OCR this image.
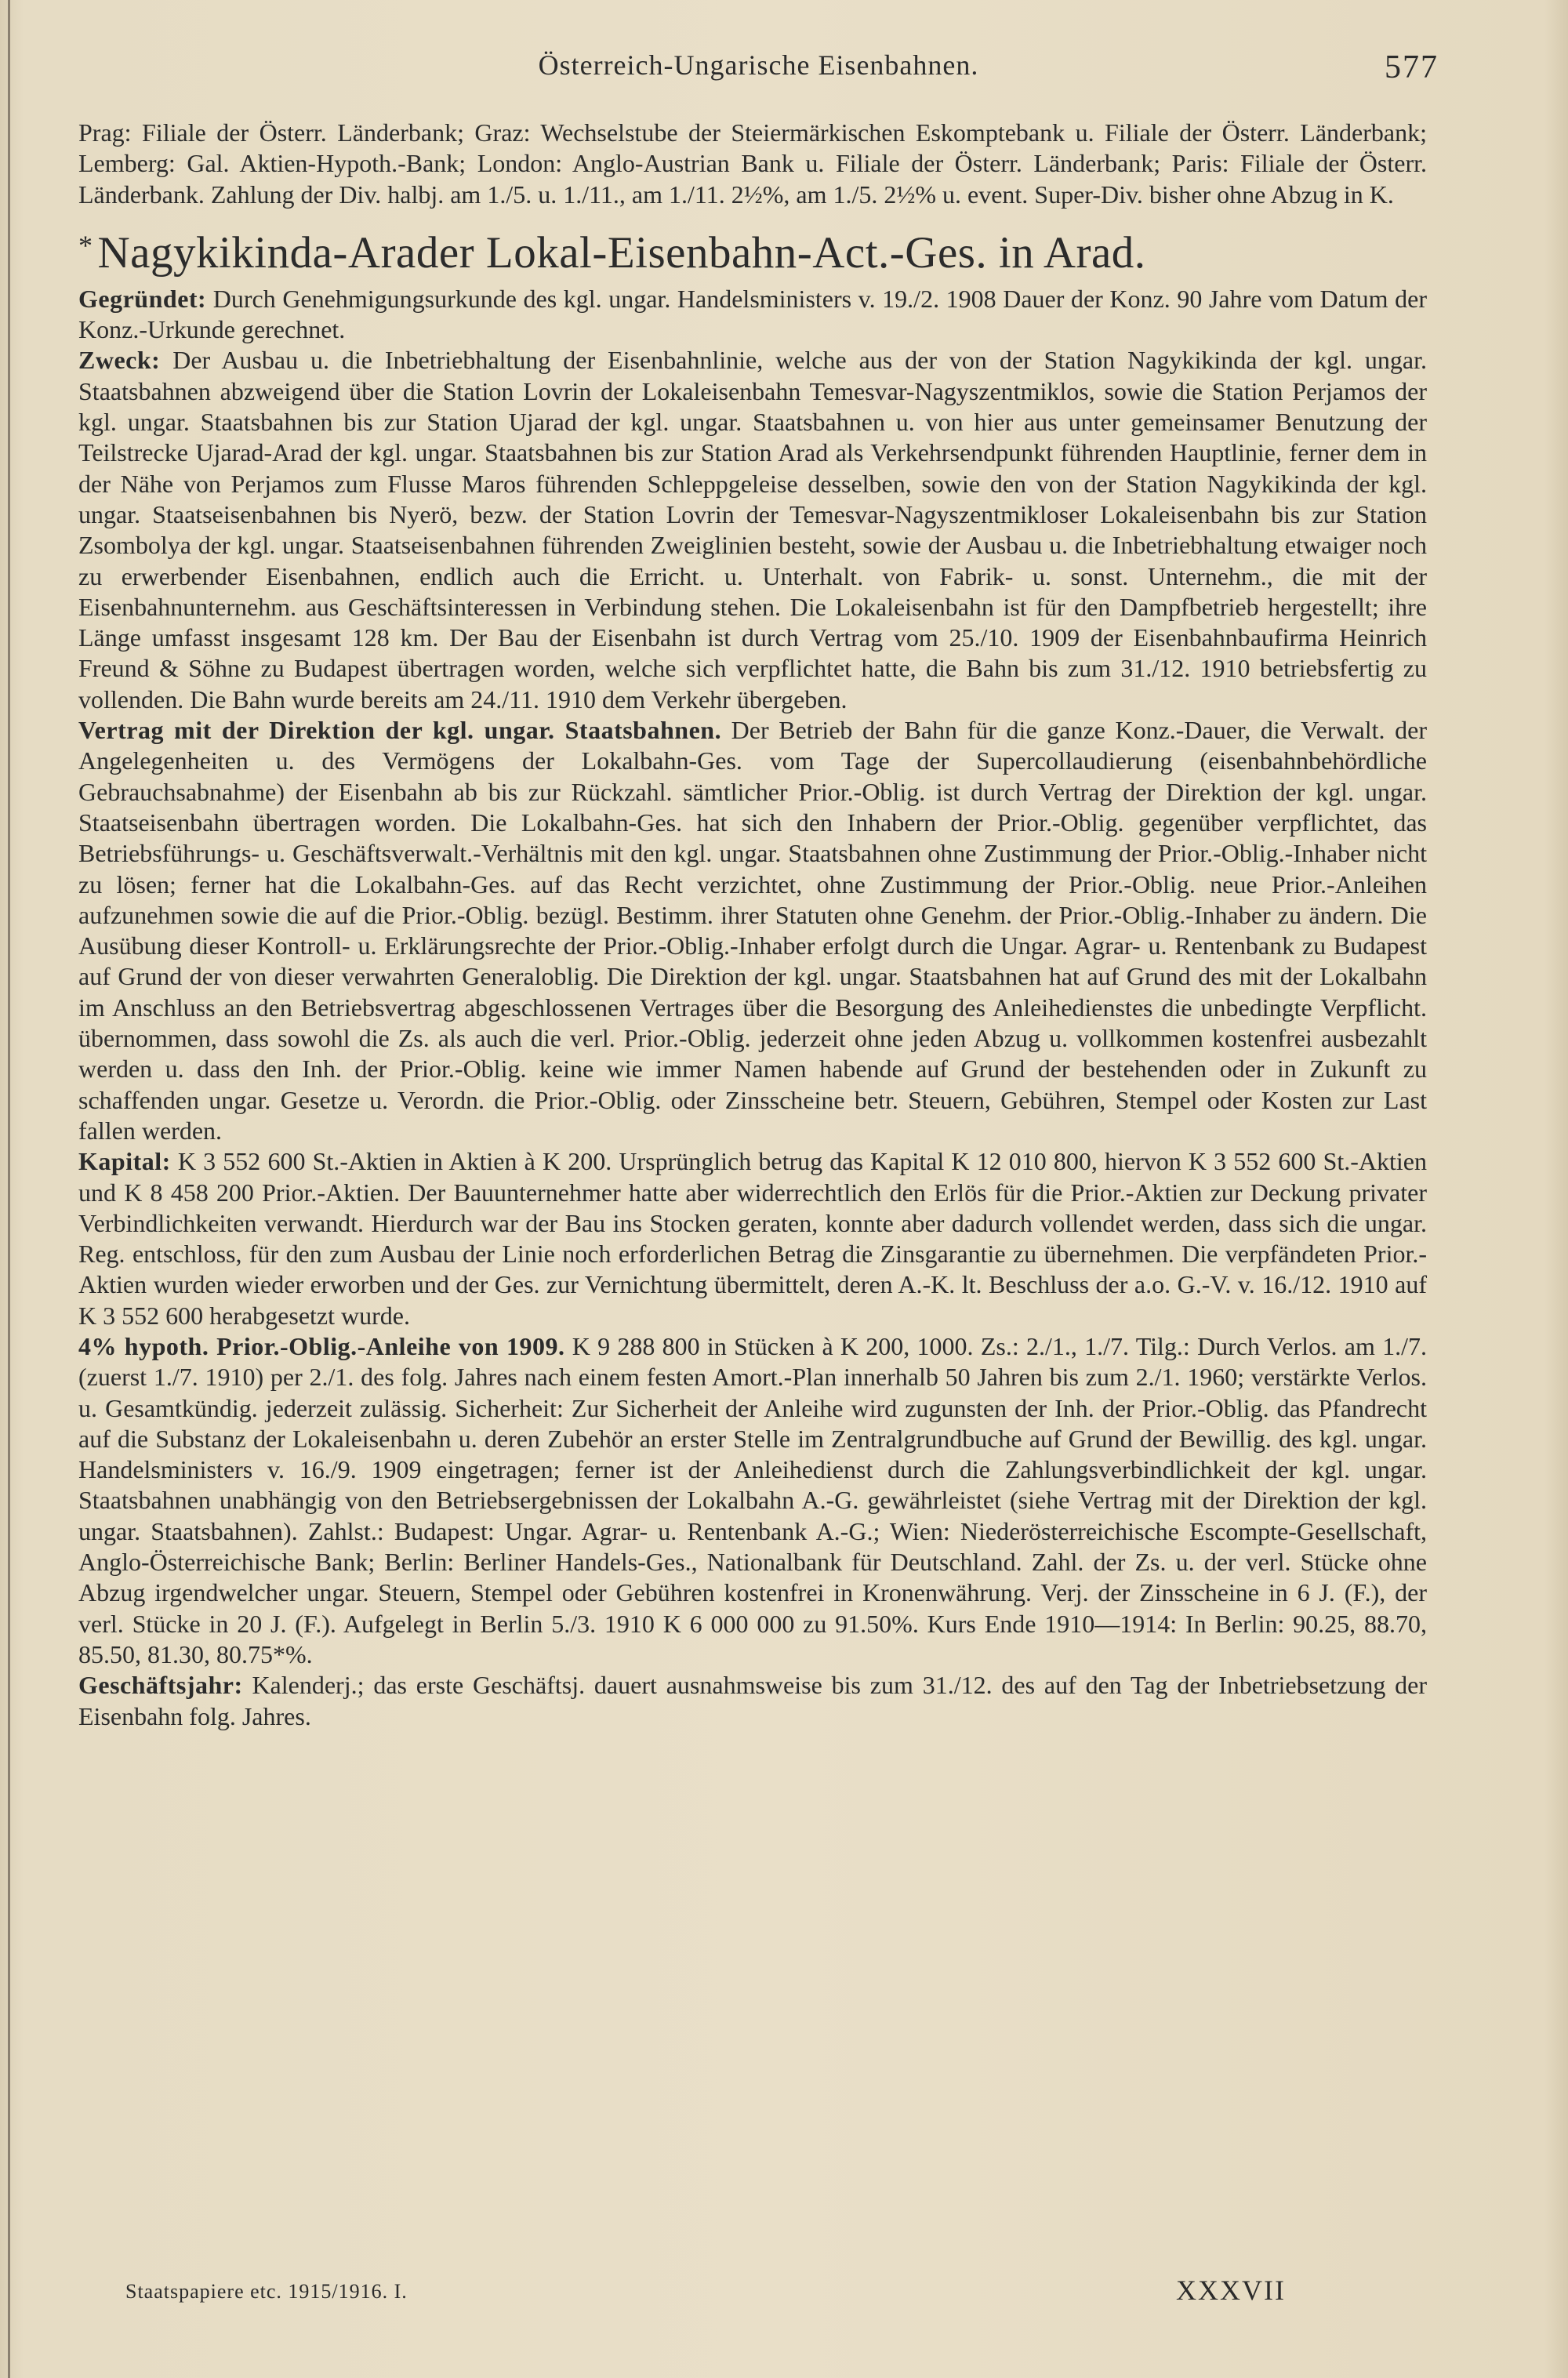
Österreich-Ungarische Eisenbahnen.	577

Prag: Filiale der Österr. Länderbank; Graz: Wechselstube der Steiermärkischen Eskomptebank u. Filiale der Österr. Länderbank; Lemberg: Gal. Aktien-Hypoth.-Bank; London: Anglo-Austrian Bank u. Filiale der Österr. Länderbank; Paris: Filiale der Österr. Länderbank. Zahlung der Div. halbj. am 1./5. u. 1./11., am 1./11. 2½%, am 1./5. 2½% u. event. Super-Div. bisher ohne Abzug in K.

* Nagykikinda-Arader Lokal-Eisenbahn-Act.-Ges. in Arad.

Gegründet: Durch Genehmigungsurkunde des kgl. ungar. Handelsministers v. 19./2. 1908 Dauer der Konz. 90 Jahre vom Datum der Konz.-Urkunde gerechnet.

Zweck: Der Ausbau u. die Inbetriebhaltung der Eisenbahnlinie, welche aus der von der Station Nagykikinda der kgl. ungar. Staatsbahnen abzweigend über die Station Lovrin der Lokaleisenbahn Temesvar-Nagyszentmiklos, sowie die Station Perjamos der kgl. ungar. Staatsbahnen bis zur Station Ujarad der kgl. ungar. Staatsbahnen u. von hier aus unter gemeinsamer Benutzung der Teilstrecke Ujarad-Arad der kgl. ungar. Staatsbahnen bis zur Station Arad als Verkehrsendpunkt führenden Hauptlinie, ferner dem in der Nähe von Perjamos zum Flusse Maros führenden Schleppgeleise desselben, sowie den von der Station Nagykikinda der kgl. ungar. Staatseisenbahnen bis Nyerö, bezw. der Station Lovrin der Temesvar-Nagyszentmikloser Lokaleisenbahn bis zur Station Zsombolya der kgl. ungar. Staatseisenbahnen führenden Zweiglinien besteht, sowie der Ausbau u. die Inbetriebhaltung etwaiger noch zu erwerbender Eisenbahnen, endlich auch die Erricht. u. Unterhalt. von Fabrik- u. sonst. Unternehm., die mit der Eisenbahnunternehm. aus Geschäftsinteressen in Verbindung stehen. Die Lokaleisenbahn ist für den Dampfbetrieb hergestellt; ihre Länge umfasst insgesamt 128 km. Der Bau der Eisenbahn ist durch Vertrag vom 25./10. 1909 der Eisenbahnbaufirma Heinrich Freund & Söhne zu Budapest übertragen worden, welche sich verpflichtet hatte, die Bahn bis zum 31./12. 1910 betriebsfertig zu vollenden. Die Bahn wurde bereits am 24./11. 1910 dem Verkehr übergeben.

Vertrag mit der Direktion der kgl. ungar. Staatsbahnen. Der Betrieb der Bahn für die ganze Konz.-Dauer, die Verwalt. der Angelegenheiten u. des Vermögens der Lokalbahn-Ges. vom Tage der Supercollaudierung (eisenbahnbehördliche Gebrauchsabnahme) der Eisenbahn ab bis zur Rückzahl. sämtlicher Prior.-Oblig. ist durch Vertrag der Direktion der kgl. ungar. Staatseisenbahn übertragen worden. Die Lokalbahn-Ges. hat sich den Inhabern der Prior.-Oblig. gegenüber verpflichtet, das Betriebsführungs- u. Geschäftsverwalt.-Verhältnis mit den kgl. ungar. Staatsbahnen ohne Zustimmung der Prior.-Oblig.-Inhaber nicht zu lösen; ferner hat die Lokalbahn-Ges. auf das Recht verzichtet, ohne Zustimmung der Prior.-Oblig. neue Prior.-Anleihen aufzunehmen sowie die auf die Prior.-Oblig. bezügl. Bestimm. ihrer Statuten ohne Genehm. der Prior.-Oblig.-Inhaber zu ändern. Die Ausübung dieser Kontroll- u. Erklärungsrechte der Prior.-Oblig.-Inhaber erfolgt durch die Ungar. Agrar- u. Rentenbank zu Budapest auf Grund der von dieser verwahrten Generaloblig. Die Direktion der kgl. ungar. Staatsbahnen hat auf Grund des mit der Lokalbahn im Anschluss an den Betriebsvertrag abgeschlossenen Vertrages über die Besorgung des Anleihedienstes die unbedingte Verpflicht. übernommen, dass sowohl die Zs. als auch die verl. Prior.-Oblig. jederzeit ohne jeden Abzug u. vollkommen kostenfrei ausbezahlt werden u. dass den Inh. der Prior.-Oblig. keine wie immer Namen habende auf Grund der bestehenden oder in Zukunft zu schaffenden ungar. Gesetze u. Verordn. die Prior.-Oblig. oder Zinsscheine betr. Steuern, Gebühren, Stempel oder Kosten zur Last fallen werden.

Kapital: K 3 552 600 St.-Aktien in Aktien à K 200. Ursprünglich betrug das Kapital K 12 010 800, hiervon K 3 552 600 St.-Aktien und K 8 458 200 Prior.-Aktien. Der Bauunternehmer hatte aber widerrechtlich den Erlös für die Prior.-Aktien zur Deckung privater Verbindlichkeiten verwandt. Hierdurch war der Bau ins Stocken geraten, konnte aber dadurch vollendet werden, dass sich die ungar. Reg. entschloss, für den zum Ausbau der Linie noch erforderlichen Betrag die Zinsgarantie zu übernehmen. Die verpfändeten Prior.-Aktien wurden wieder erworben und der Ges. zur Vernichtung übermittelt, deren A.-K. lt. Beschluss der a.o. G.-V. v. 16./12. 1910 auf K 3 552 600 herabgesetzt wurde.

4% hypoth. Prior.-Oblig.-Anleihe von 1909. K 9 288 800 in Stücken à K 200, 1000. Zs.: 2./1., 1./7. Tilg.: Durch Verlos. am 1./7. (zuerst 1./7. 1910) per 2./1. des folg. Jahres nach einem festen Amort.-Plan innerhalb 50 Jahren bis zum 2./1. 1960; verstärkte Verlos. u. Gesamtkündig. jederzeit zulässig. Sicherheit: Zur Sicherheit der Anleihe wird zugunsten der Inh. der Prior.-Oblig. das Pfandrecht auf die Substanz der Lokaleisenbahn u. deren Zubehör an erster Stelle im Zentralgrundbuche auf Grund der Bewillig. des kgl. ungar. Handelsministers v. 16./9. 1909 eingetragen; ferner ist der Anleihedienst durch die Zahlungsverbindlichkeit der kgl. ungar. Staatsbahnen unabhängig von den Betriebsergebnissen der Lokalbahn A.-G. gewährleistet (siehe Vertrag mit der Direktion der kgl. ungar. Staatsbahnen). Zahlst.: Budapest: Ungar. Agrar- u. Rentenbank A.-G.; Wien: Niederösterreichische Escompte-Gesellschaft, Anglo-Österreichische Bank; Berlin: Berliner Handels-Ges., Nationalbank für Deutschland. Zahl. der Zs. u. der verl. Stücke ohne Abzug irgendwelcher ungar. Steuern, Stempel oder Gebühren kostenfrei in Kronenwährung. Verj. der Zinsscheine in 6 J. (F.), der verl. Stücke in 20 J. (F.). Aufgelegt in Berlin 5./3. 1910 K 6 000 000 zu 91.50%. Kurs Ende 1910—1914: In Berlin: 90.25, 88.70, 85.50, 81.30, 80.75*%.

Geschäftsjahr: Kalenderj.; das erste Geschäftsj. dauert ausnahmsweise bis zum 31./12. des auf den Tag der Inbetriebsetzung der Eisenbahn folg. Jahres.

Staatspapiere etc. 1915/1916. I.	XXXVII
